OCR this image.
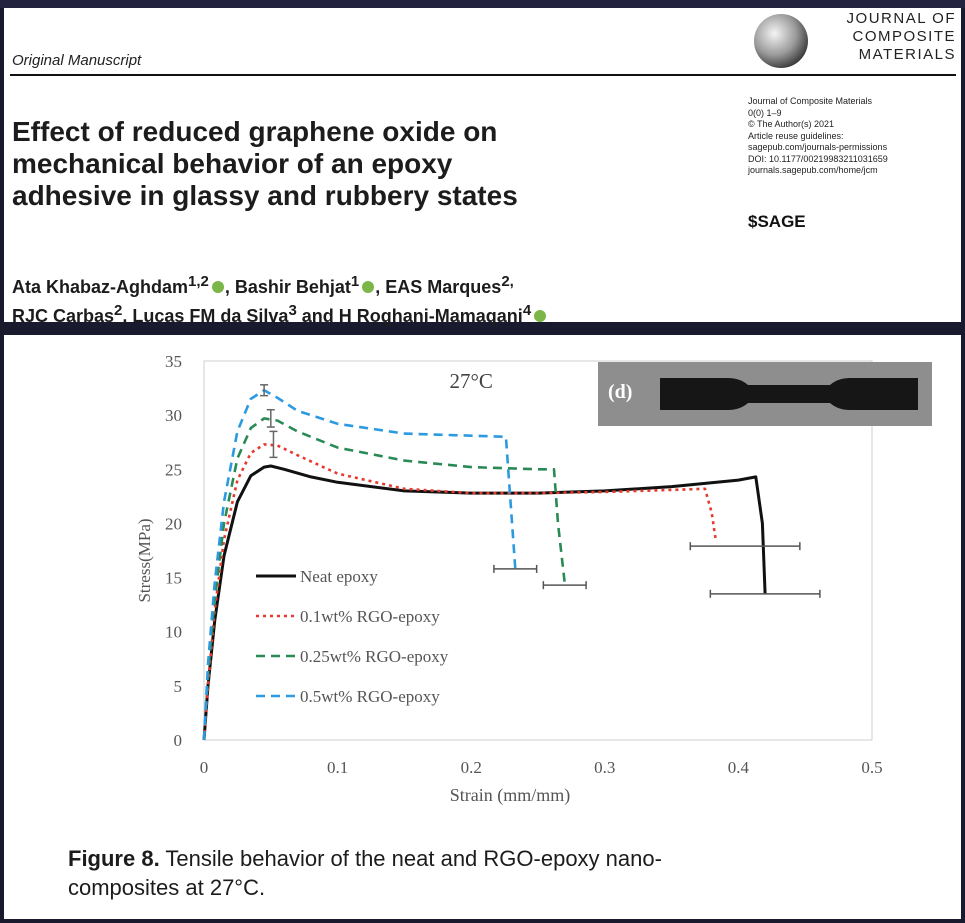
Original Manuscript
JOURNAL OF
COMPOSITE
MATERIALS
Effect of reduced graphene oxide on
mechanical behavior of an epoxy
adhesive in glassy and rubbery states
Journal of Composite Materials
0(0) 1–9
© The Author(s) 2021
Article reuse guidelines:
sagepub.com/journals-permissions
DOI: 10.1177/00219983211031659
journals.sagepub.com/home/jcm
$SAGE
Ata Khabaz-Aghdam$^{1,2}$ , Bashir Behjat$^1$ , EAS Marques$^{2,}$
RJC Carbas$^2$, Lucas FM da Silva$^3$ and H Roghani-Mamaqani$^4$
0
5
10
15
20
25
30
35
0	0.1	0.2	0.3	0.4	0.5
Strain (mm/mm)
Stress(MPa)
27°C
Neat epoxy
0.1wt% RGO-epoxy
0.25wt% RGO-epoxy
0.5wt% RGO-epoxy
(d)
Figure 8. Tensile behavior of the neat and RGO-epoxy nano-
composites at 27°C.
